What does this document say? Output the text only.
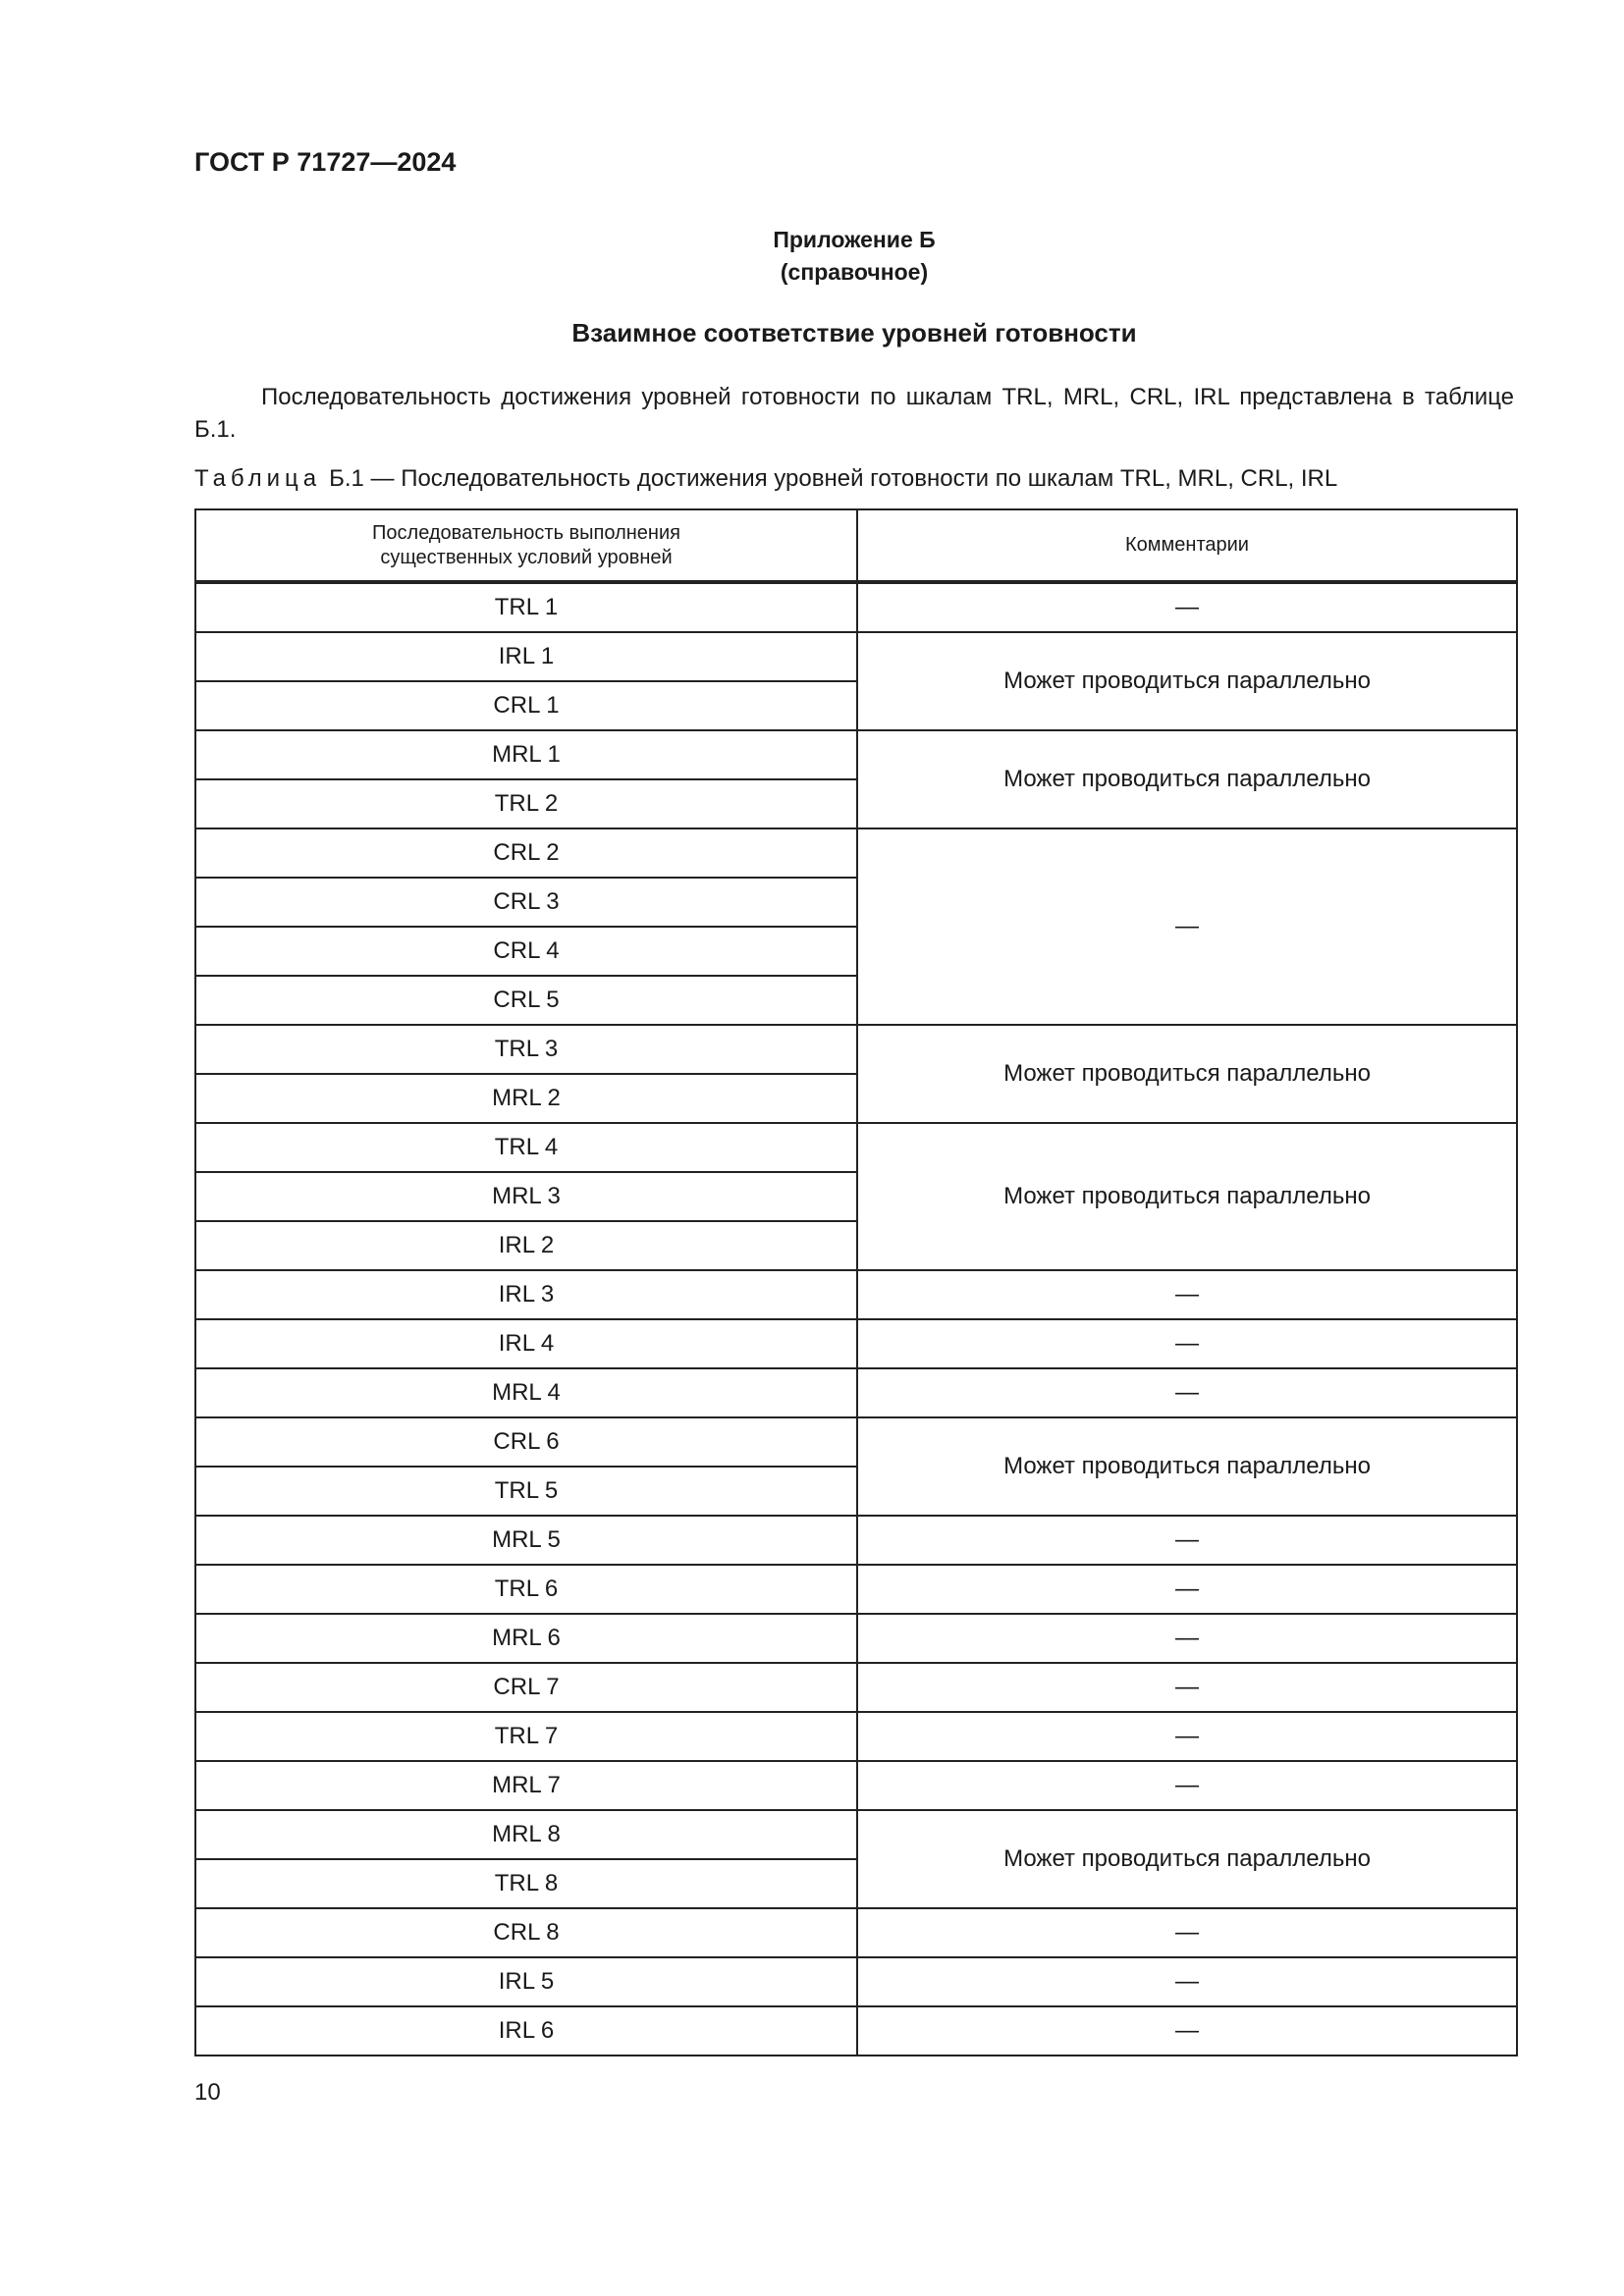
ГОСТ Р 71727—2024
Приложение Б
(справочное)
Взаимное соответствие уровней готовности
Последовательность достижения уровней готовности по шкалам TRL, MRL, CRL, IRL представлена в таблице Б.1.
Таблица Б.1 — Последовательность достижения уровней готовности по шкалам TRL, MRL, CRL, IRL
Последовательность выполнения существенных условий уровней	Комментарии
TRL 1	—
IRL 1	Может проводиться параллельно
CRL 1	
MRL 1	Может проводиться параллельно
TRL 2	
CRL 2	—
CRL 3	
CRL 4	
CRL 5	
TRL 3	Может проводиться параллельно
MRL 2	
TRL 4	Может проводиться параллельно
MRL 3	
IRL 2	
IRL 3	—
IRL 4	—
MRL 4	—
CRL 6	Может проводиться параллельно
TRL 5	
MRL 5	—
TRL 6	—
MRL 6	—
CRL 7	—
TRL 7	—
MRL 7	—
MRL 8	Может проводиться параллельно
TRL 8	
CRL 8	—
IRL 5	—
IRL 6	—
10
